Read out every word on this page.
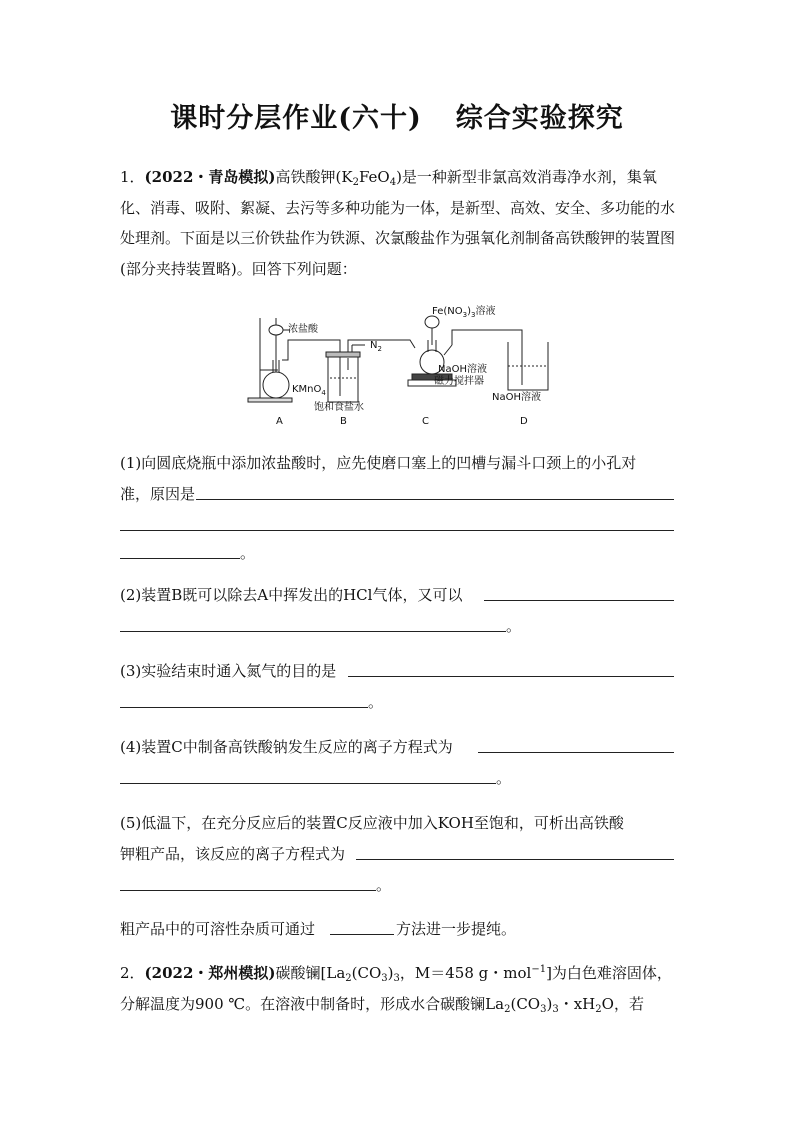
课时分层作业(六十) 综合实验探究
1．(2022・青岛模拟)高铁酸钾$(K_2FeO_4)$是一种新型非氯高效消毒净水剂，集氧化、消毒、吸附、絮凝、去污等多种功能为一体，是新型、高效、安全、多功能的水处理剂。下面是以三价铁盐作为铁源、次氯酸盐作为强氧化剂制备高铁酸钾的装置图(部分夹持装置略)。回答下列问题：
浓盐酸
KMnO$_4$
$N_2$
饱和食盐水
$Fe(NO_3)_3$溶液
NaOH溶液
磁力搅拌器
NaOH溶液
A	B	C	D
(1)向圆底烧瓶中添加浓盐酸时，应先使磨口塞上的凹槽与漏斗口颈上的小孔对
准，原因是
。
(2)装置B既可以除去A中挥发出的HCl气体，又可以
。
(3)实验结束时通入氮气的目的是
。
(4)装置C中制备高铁酸钠发生反应的离子方程式为
。
(5)低温下，在充分反应后的装置C反应液中加入KOH至饱和，可析出高铁酸
钾粗产品，该反应的离子方程式为
。
粗产品中的可溶性杂质可通过	方法进一步提纯。
2．(2022・郑州模拟)碳酸镧[$La_2(CO_3)_3$，M＝458 g・mol$^{-1}$]为白色难溶固体，
分解温度为900 ℃。在溶液中制备时，形成水合碳酸镧$La_2(CO_3)_3$・$xH_2O$，若
